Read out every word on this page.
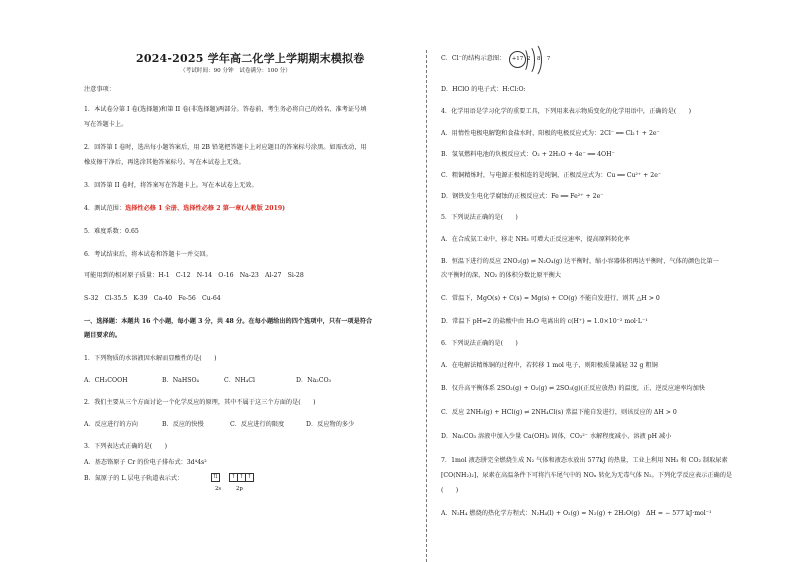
2024-2025 学年高二化学上学期期末模拟卷
（考试时间：90 分钟　试卷满分：100 分）
注意事项：
1．本试卷分第 I 卷(选择题)和第 II 卷(非选择题)两部分。答卷前，考生务必将自己的姓名、准考证号填
写在答题卡上。
2．回答第 I 卷时，选出每小题答案后，用 2B 铅笔把答题卡上对应题目的答案标号涂黑。如需改动，用
橡皮擦干净后，再选涂其他答案标号。写在本试卷上无效。
3．回答第 II 卷时，将答案写在答题卡上。写在本试卷上无效。
4．测试范围：选择性必修 1 全册、选择性必修 2 第一章(人教版 2019)
5．难度系数：0.65
6．考试结束后，将本试卷和答题卡一并交回。
可能用到的相对原子质量：H-1　C-12　N-14　O-16　Na-23　Al-27　Si-28
S-32　Cl-35.5　K-39　Ca-40　Fe-56　Cu-64
一、选择题：本题共 16 个小题，每小题 3 分，共 48 分。在每小题给出的四个选项中，只有一项是符合
题目要求的。
1．下列物质的水溶液因水解而显酸性的是(　　)
A．CH₃COOH	B．NaHSO₄	C．NH₄Cl	D．Na₂CO₃
2．我们主要从三个方面讨论一个化学反应的原理，其中不属于这三个方面的是(　　)
A．反应进行的方向	B．反应的快慢	C．反应进行的限度	D．反应物的多少
3．下列表达式正确的是(　　)
A．基态铬原子 Cr 的价电子排布式：3d⁴4s²
B．氮原子的 L 层电子轨道表示式：	⇅ ↑ ↑ ↑
2s	2p
C．Cl⁻的结构示意图：	+17 2 8 7
D．HClO 的电子式：H:Cl:O:
4．化学用语是学习化学的重要工具，下列用来表示物质变化的化学用语中，正确的是(　　)
A．用惰性电极电解饱和食盐水时，阳极的电极反应式为：2Cl⁻ ══ Cl₂↑ + 2e⁻
B．氢氧燃料电池的负极反应式：O₂ + 2H₂O + 4e⁻ ══ 4OH⁻
C．粗铜精炼时，与电源正极相连的是纯铜，正极反应式为：Cu ══ Cu²⁺ + 2e⁻
D．钢铁发生电化学腐蚀的正极反应式：Fe ══ Fe²⁺ + 2e⁻
5．下列说法正确的是(　　)
A．在合成氨工业中，移走 NH₃ 可增大正反应速率，提高原料转化率
B．恒温下进行的反应 2NO₂(g) ⇌ N₂O₄(g) 达平衡时，缩小容器体积再达平衡时，气体的颜色比第一
次平衡时的深，NO₂ 的体积分数比原平衡大
C．常温下，MgO(s) + C(s) = Mg(s) + CO(g) 不能自发进行，则其 △H > 0
D．常温下 pH=2 的盐酸中由 H₂O 电离出的 c(H⁺) = 1.0×10⁻² mol·L⁻¹
6．下列说法正确的是(　　)
A．在电解法精炼铜的过程中，若转移 1 mol 电子，则阳极质量减轻 32 g 粗铜
B．仅升高平衡体系 2SO₂(g) + O₂(g) ⇌ 2SO₃(g)(正反应放热) 的温度，正、逆反应速率均加快
C．反应 2NH₃(g) + HCl(g) ⇌ 2NH₄Cl(s) 常温下能自发进行，则该反应的 ΔH > 0
D．Na₂CO₃ 溶液中加入少量 Ca(OH)₂ 固体，CO₃²⁻ 水解程度减小，溶液 pH 减小
7．1mol 液态肼完全燃烧生成 N₂ 气体和液态水放出 577kJ 的热量，工业上利用 NH₃ 和 CO₂ 制取尿素
[CO(NH₂)₂]，尿素在高温条件下可将汽车尾气中的 NOₓ 转化为无毒气体 N₂。下列化学反应表示正确的是
(　　)
A．N₂H₄ 燃烧的热化学方程式：N₂H₄(l) + O₂(g) = N₂(g) + 2H₂O(g)　ΔH = − 577 kJ·mol⁻¹
